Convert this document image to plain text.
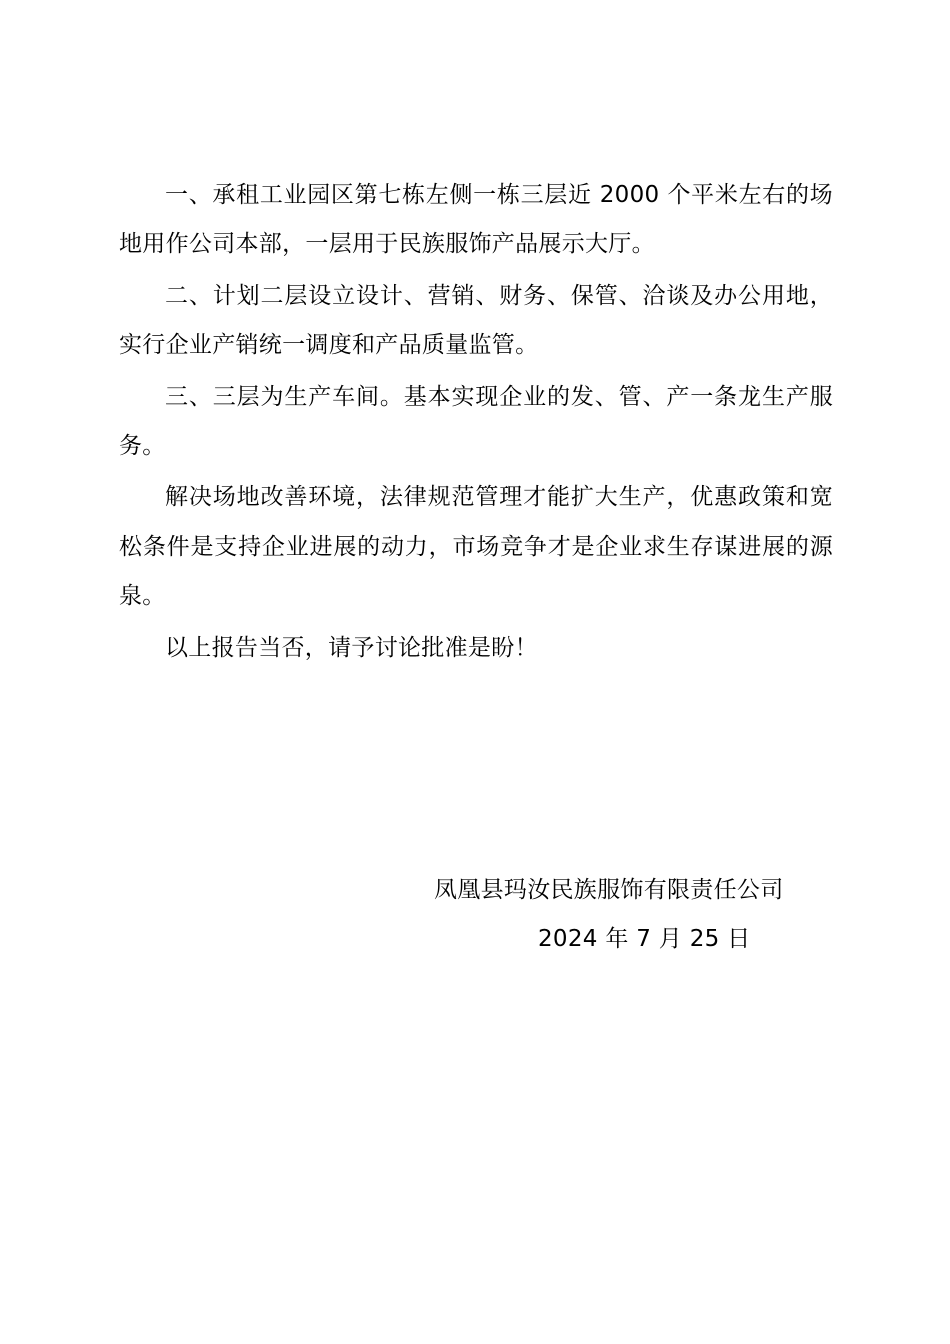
一、承租工业园区第七栋左侧一栋三层近 2000 个平米左右的场地用作公司本部，一层用于民族服饰产品展示大厅。

二、计划二层设立设计、营销、财务、保管、洽谈及办公用地，实行企业产销统一调度和产品质量监管。

三、三层为生产车间。基本实现企业的发、管、产一条龙生产服务。

解决场地改善环境，法律规范管理才能扩大生产，优惠政策和宽松条件是支持企业进展的动力，市场竞争才是企业求生存谋进展的源泉。

以上报告当否，请予讨论批准是盼！

凤凰县玛汝民族服饰有限责任公司
2024 年 7 月 25 日
